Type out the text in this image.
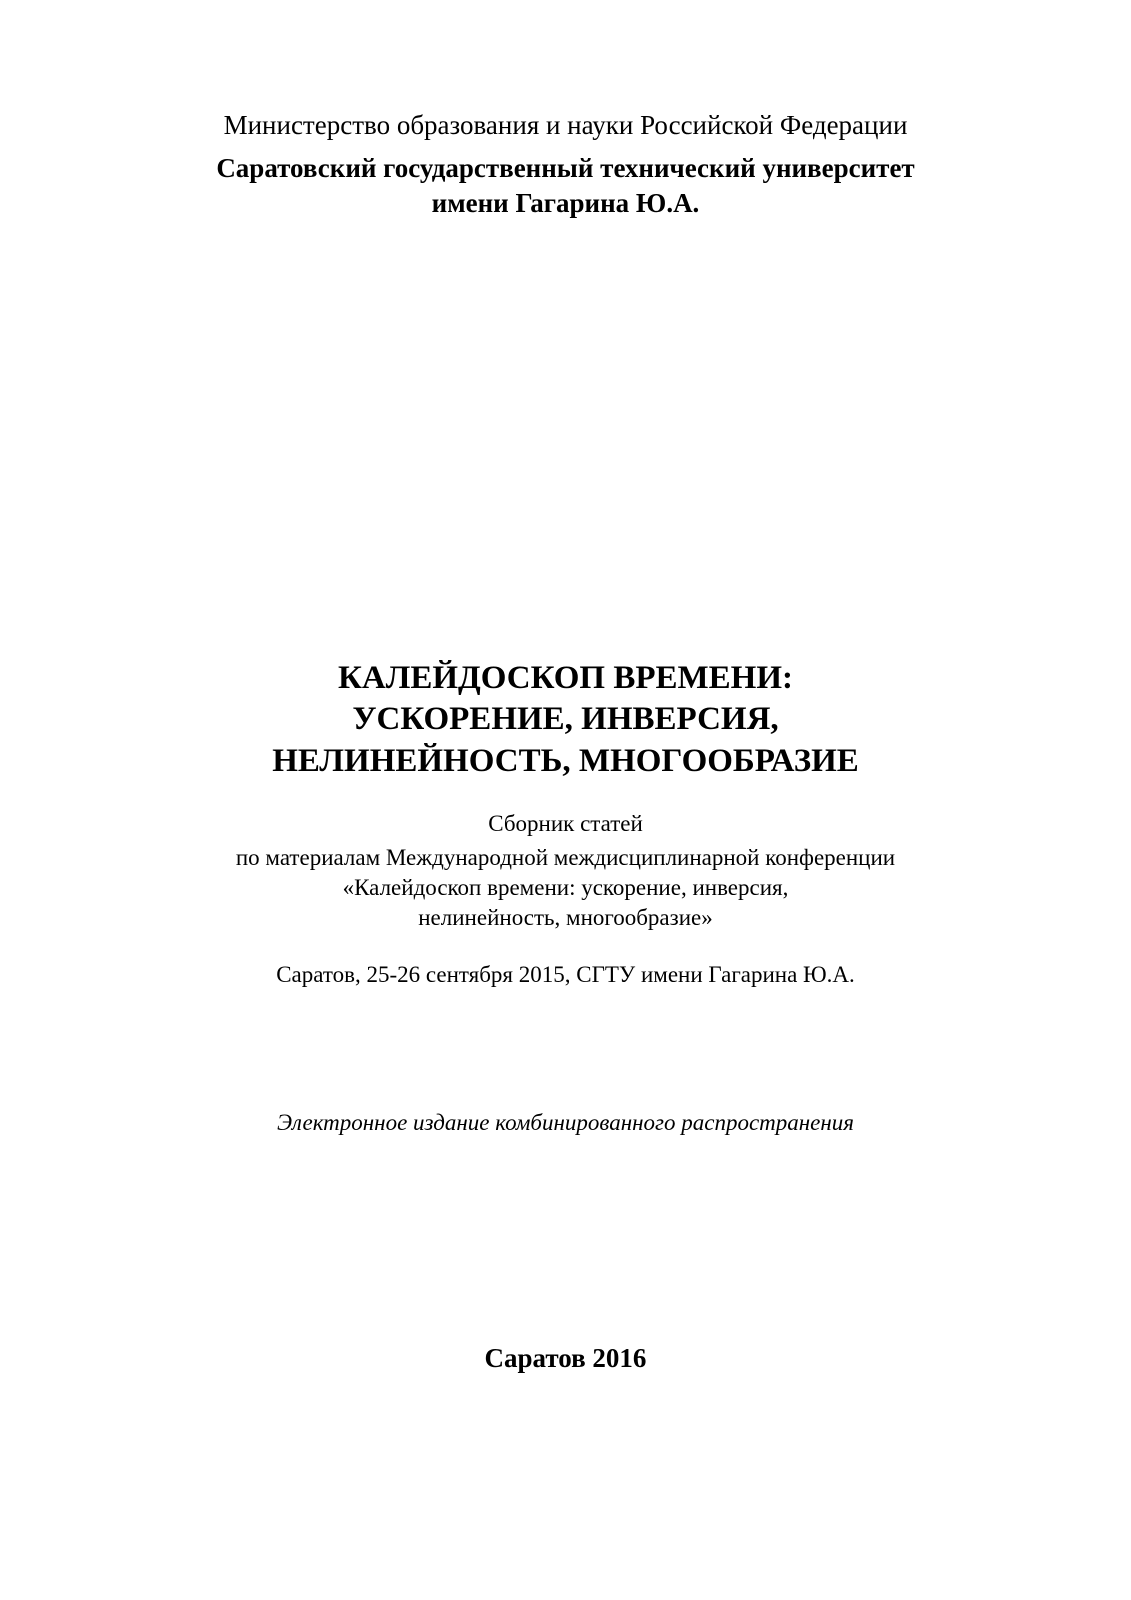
Министерство образования и науки Российской Федерации

Саратовский государственный технический университет

имени Гагарина Ю.А.

КАЛЕЙДОСКОП ВРЕМЕНИ:

УСКОРЕНИЕ, ИНВЕРСИЯ,

НЕЛИНЕЙНОСТЬ, МНОГООБРАЗИЕ

Сборник статей

по материалам Международной междисциплинарной конференции

«Калейдоскоп времени: ускорение, инверсия,

нелинейность, многообразие»

Саратов, 25-26 сентября 2015, СГТУ имени Гагарина Ю.А.

Электронное издание комбинированного распространения

Саратов 2016
